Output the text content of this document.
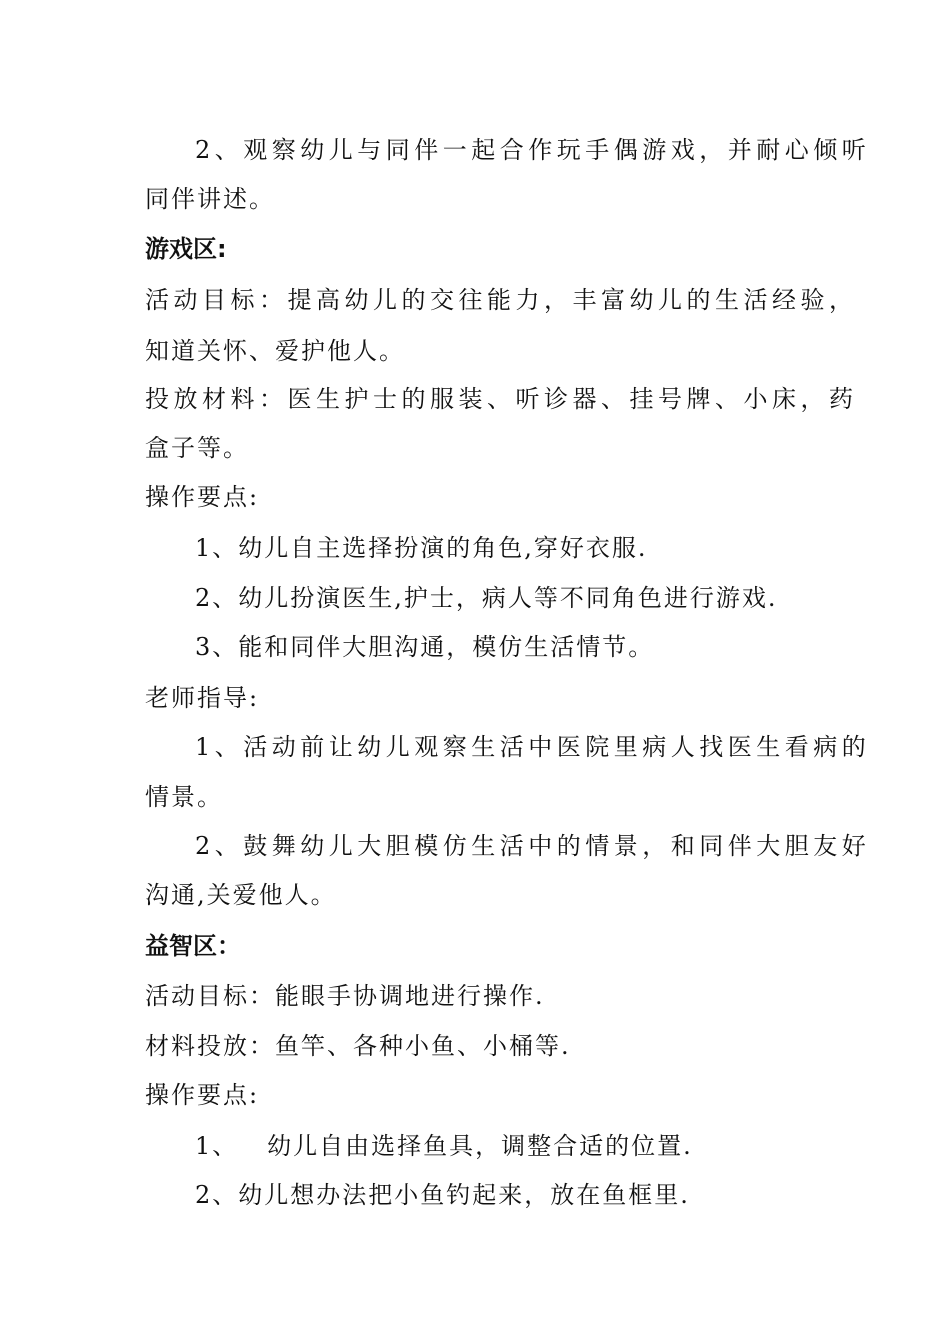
2、观察幼儿与同伴一起合作玩手偶游戏，并耐心倾听
同伴讲述。
游戏区:
活动目标：提高幼儿的交往能力，丰富幼儿的生活经验，
知道关怀、爱护他人。
投放材料：医生护士的服装、听诊器、挂号牌、小床，药
盒子等。
操作要点:
1、幼儿自主选择扮演的角色,穿好衣服.
2、幼儿扮演医生,护士，病人等不同角色进行游戏.
3、能和同伴大胆沟通，模仿生活情节。
老师指导:
1、活动前让幼儿观察生活中医院里病人找医生看病的
情景。
2、鼓舞幼儿大胆模仿生活中的情景，和同伴大胆友好
沟通,关爱他人。
益智区：
活动目标：能眼手协调地进行操作.
材料投放：鱼竿、各种小鱼、小桶等.
操作要点:
1、   幼儿自由选择鱼具，调整合适的位置.
2、幼儿想办法把小鱼钓起来，放在鱼框里.
